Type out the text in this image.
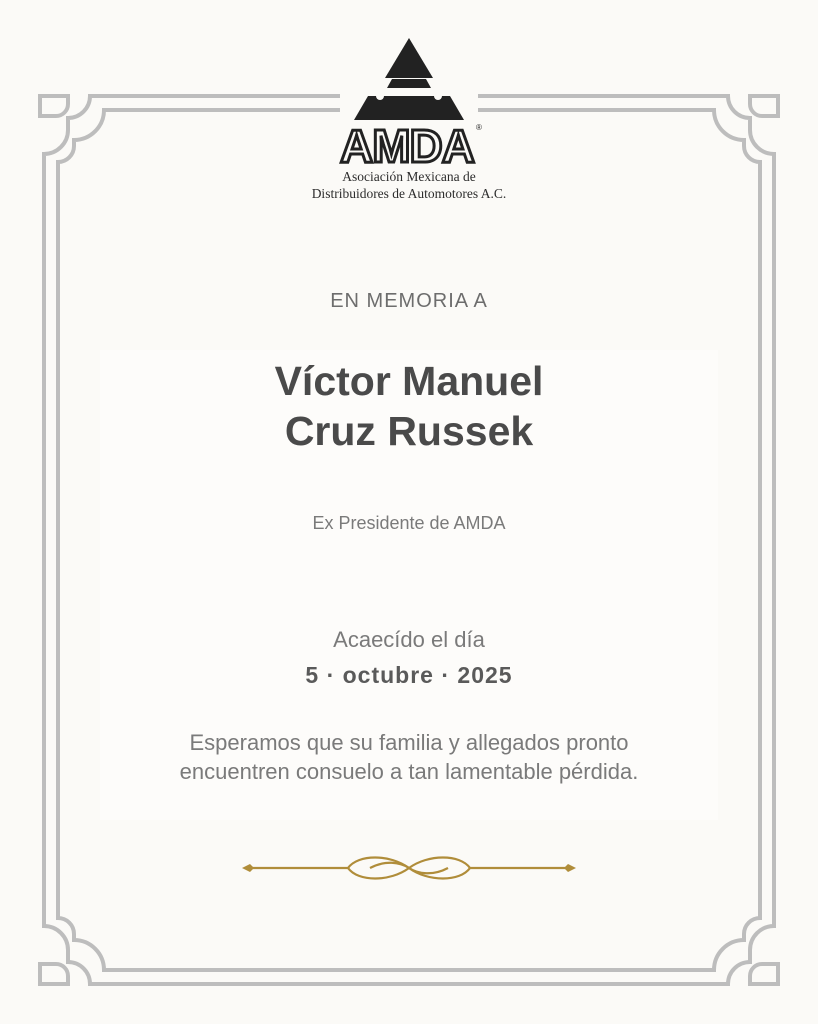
AMDA ®
Asociación Mexicana de
Distribuidores de Automotores A.C.
EN MEMORIA A
Víctor Manuel
Cruz Russek
Ex Presidente de AMDA
Acaecído el día
5 · octubre · 2025
Esperamos que su familia y allegados pronto
encuentren consuelo a tan lamentable pérdida.
